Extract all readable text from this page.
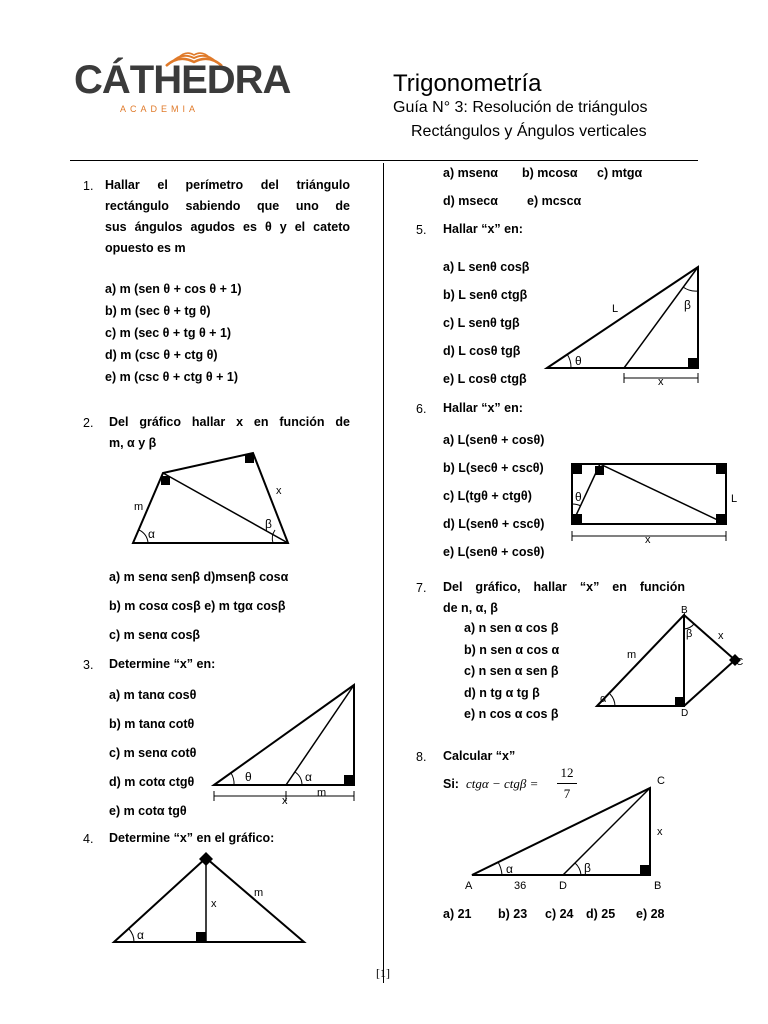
CÁTHEDRA
ACADEMIA
Trigonometría
Guía N° 3: Resolución de triángulos
Rectángulos y Ángulos verticales
1. Hallar el perímetro del triángulo
rectángulo sabiendo que uno de
sus ángulos agudos es θ y el cateto
opuesto es m
a) m (sen θ + cos θ + 1)
b) m (sec θ + tg θ)
c) m (sec θ + tg θ + 1)
d) m (csc θ + ctg θ)
e) m (csc θ + ctg θ + 1)
2. Del gráfico hallar x en función de
m, α y β
m
x
α
β
a) m senα senβ d)msenβ cosα
b) m cosα cosβ e) m tgα cosβ
c) m senα cosβ
3. Determine “x” en:
a) m tanα cosθ
b) m tanα cotθ
c) m senα cotθ
d) m cotα ctgθ
e) m cotα tgθ
θ	α
x
m
4. Determine “x” en el gráfico:
α
x
m
a) msenα b) mcosα c) mtgα
d) msecα e) mcscα
5. Hallar “x” en:
a) L senθ cosβ
b) L senθ ctgβ
c) L senθ tgβ
d) L cosθ tgβ
e) L cosθ ctgβ
L	β
θ
x
6. Hallar “x” en:
a) L(senθ + cosθ)
b) L(secθ + cscθ)
c) L(tgθ + ctgθ)
d) L(senθ + cscθ)
e) L(senθ + cosθ)
θ	L
x
7. Del gráfico, hallar “x” en función
de n, α, β
a) n sen α cos β
b) n sen α cos α
c) n sen α sen β
d) n tg α tg β
e) n cos α cos β
B
C
D
m
x
α
β
8. Calcular “x”
Si: $ctg\alpha - ctg\beta = \frac{12}{7}$
α	β
A	36	D	B
C
x
a) 21 b) 23 c) 24 d) 25 e) 28
[1]
